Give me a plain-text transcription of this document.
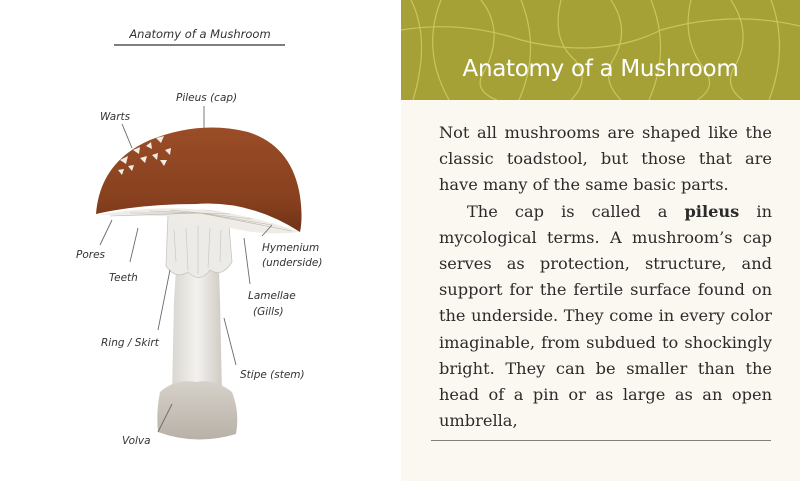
Anatomy of a Mushroom
Warts
Pileus (cap)
Pores
Teeth
Hymenium
(underside)
Lamellae
(Gills)
Ring / Skirt
Stipe (stem)
Volva
Anatomy of a Mushroom

Not all mushrooms are shaped like the classic toadstool, but those that are have many of the same basic parts.

The cap is called a pileus in mycological terms. A mushroom’s cap serves as protection, structure, and support for the fertile surface found on the underside. They come in every color imaginable, from subdued to shockingly bright. They can be smaller than the head of a pin or as large as an open umbrella,
